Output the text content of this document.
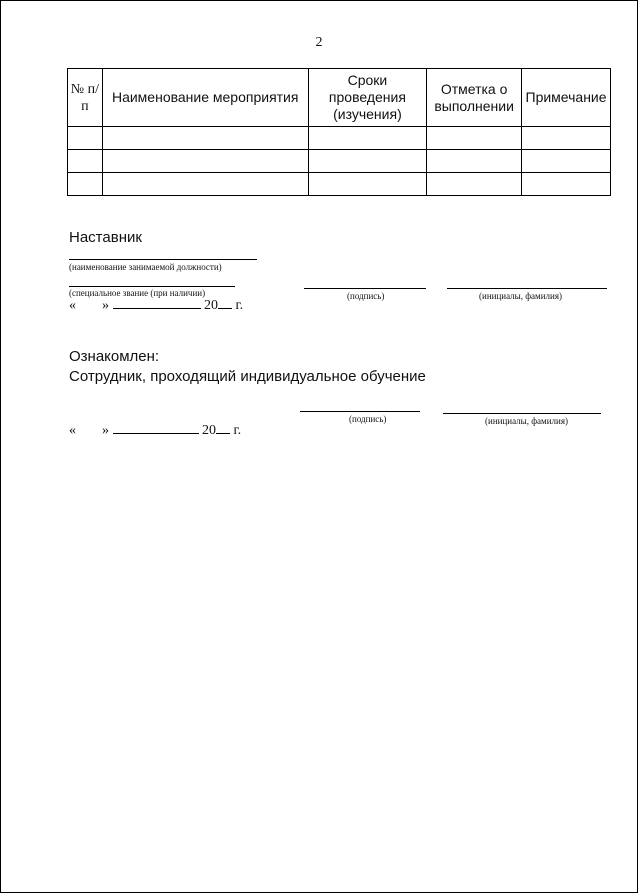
2
№ п/п	Наименование мероприятия	Сроки проведения (изучения)	Отметка о выполнении	Примечание

Наставник
(наименование занимаемой должности)
(специальное звание (при наличии)	(подпись)	(инициалы, фамилия)
« »	20 г.
Ознакомлен:
Сотрудник, проходящий индивидуальное обучение
(подпись)	(инициалы, фамилия)
« »	20 г.
